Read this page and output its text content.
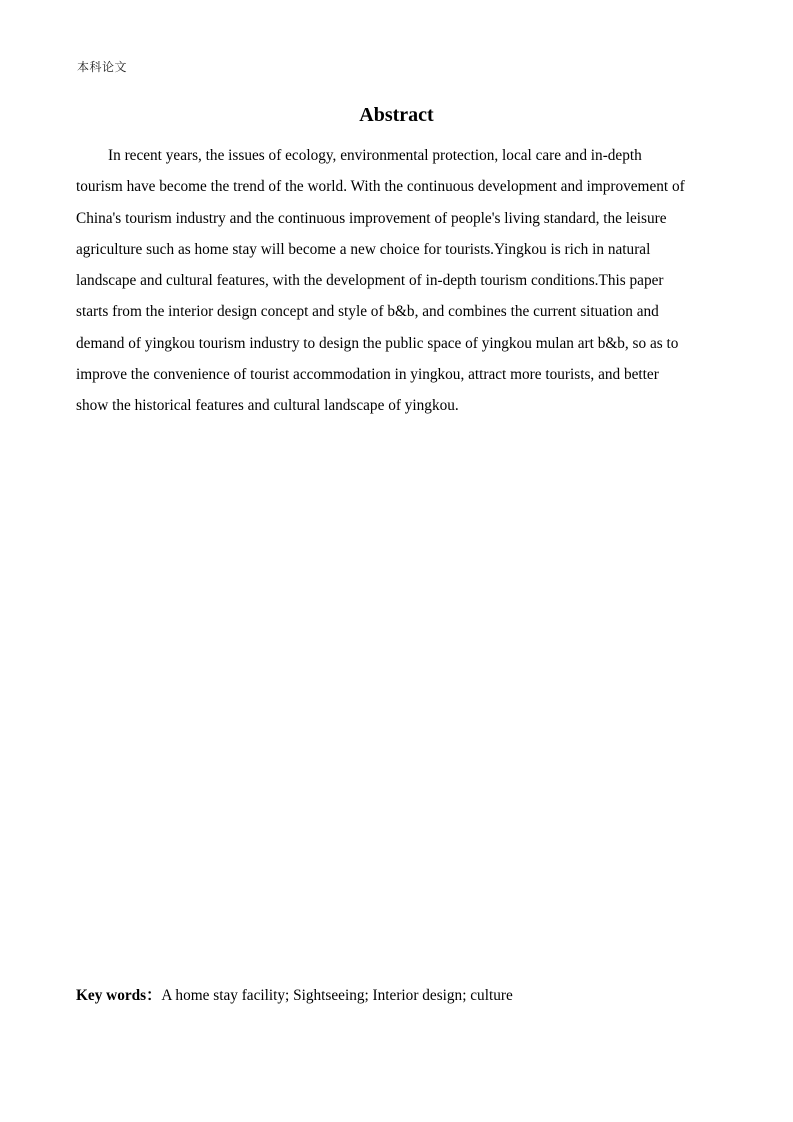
本科论文
Abstract
In recent years, the issues of ecology, environmental protection, local care and in-depth
tourism have become the trend of the world. With the continuous development and improvement of
China's tourism industry and the continuous improvement of people's living standard, the leisure
agriculture such as home stay will become a new choice for tourists.Yingkou is rich in natural
landscape and cultural features, with the development of in-depth tourism conditions.This paper
starts from the interior design concept and style of b&b, and combines the current situation and
demand of yingkou tourism industry to design the public space of yingkou mulan art b&b, so as to
improve the convenience of tourist accommodation in yingkou, attract more tourists, and better
show the historical features and cultural landscape of yingkou.
Key words：A home stay facility; Sightseeing; Interior design; culture
